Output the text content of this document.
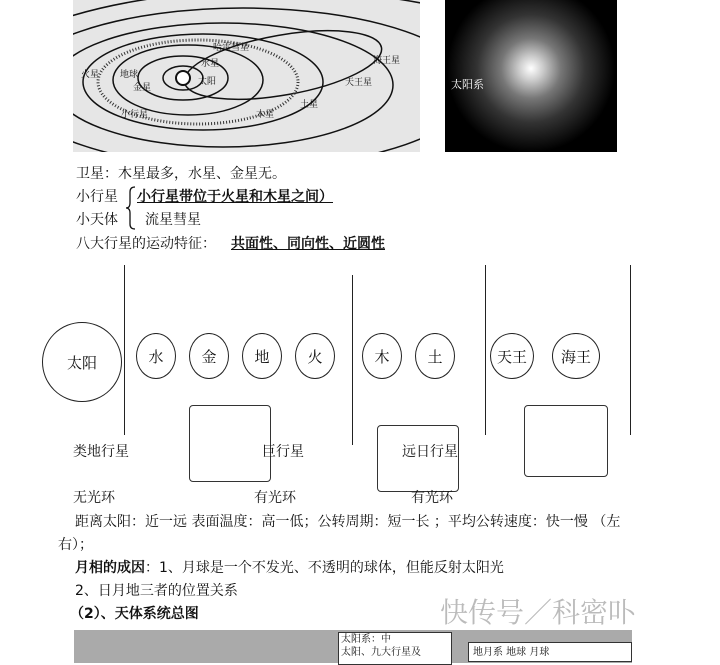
哈雷彗星
水星	海王星
火星 地球
金星
太阳	天王星
土星
木星
小行星
太阳系
卫星：木星最多，水星、金星无。
小行星 小行星带位于火星和木星之间）
小天体 流星彗星
八大行星的运动特征： 共面性、同向性、近圆性
太阳	水	金	地	火	木	土	天王	海王
类地行星	巨行星	远日行星
无光环	有光环	有光环
距离太阳：近一远 表面温度：高一低；公转周期：短一长 ；平均公转速度：快一慢 （左
右）；
月相的成因：1、月球是一个不发光、不透明的球体，但能反射太阳光
2、日月地三者的位置关系
（2）、天体系统总图
太阳系：中
太阳、九大行星及	地月系 地球 月球
快传号／科密卟
